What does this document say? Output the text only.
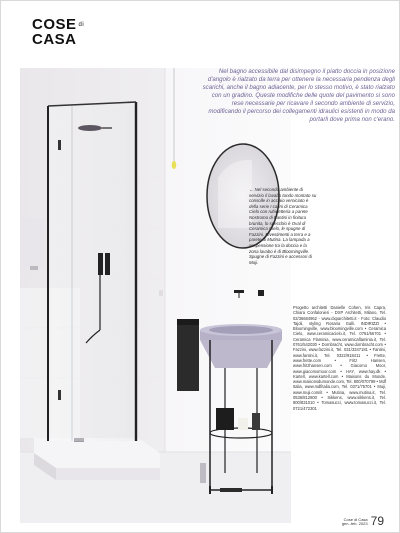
COSE di
CASA

Nel bagno accessibile dal disimpegno il piatto doccia in posizione d'angolo è rialzato da terra per ottenere la necessaria pendenza degli scarichi, anche il bagno adiacente, per lo stesso motivo, è stato rialzato con un gradino. Queste modifiche delle quote del pavimento si sono rese necessarie per ricavare il secondo ambiente di servizio, modificando il percorso dei collegamenti idraulici esistenti in modo da portarli dove prima non c'erano.

← Nel secondo ambiente di servizio il lavabo tondo montato su consolle in acciaio verniciato è della serie I catini di Ceramica Cielo con rubinetteria a parete Nostromo di Fantini in finitura brunita, lo specchio è Oval di Ceramica Cielo, le spugne di Fazzini. Rivestimenti a terra e a parete di Mutina. La lampada a sospensione tra la doccia e la zona lavabo è di Bloomingville. Spugne di Fazzini e accessori di Muji.

Progetto architetti Danielle Cohen, Iris Capra, Chiara Confalonieri - DXP Architetti, Milano, Tel. 02/36684962 - www.dxparchitetti.it - Foto: Claudio Tajoli, styling Rosaria Galli. INDIRIZZI • Bloomingville, www.bloomingville.com • Ceramica Cielo, www.ceramicacielo.it, Tel. 0761/56701 • Ceramica Flaminia, www.ceramicaflaminia.it, Tel. 0761/542030 • Dornbracht, www.dornbracht.com • Fazzini, www.fazzini.it, Tel. 031/3347181 • Fantini, www.fantini.it, Tel. 0322/918411 • Frette, www.frette.com • Fritz Hansen, www.fritzhansen.com • Giacomo Moor, www.giacomomoor.com • HAY, www.hay.dk • Kartell, www.kartell.com • Maisons du Monde, www.maisonsdumonde.com, Tel. 800/070799 • Mdf Italia, www.mdfitalia.com, Tel. 0371/75701 • Muji, www.muji.com/it • Mutina, www.mutina.it, Tel. 0536/812800 • Sikkens, www.sikkens.it, Tel. 800/831010 • Tomasucci, www.tomasucci.it, Tel. 0721/472301

Cose di Casa
gen.-feb. 2023 79
